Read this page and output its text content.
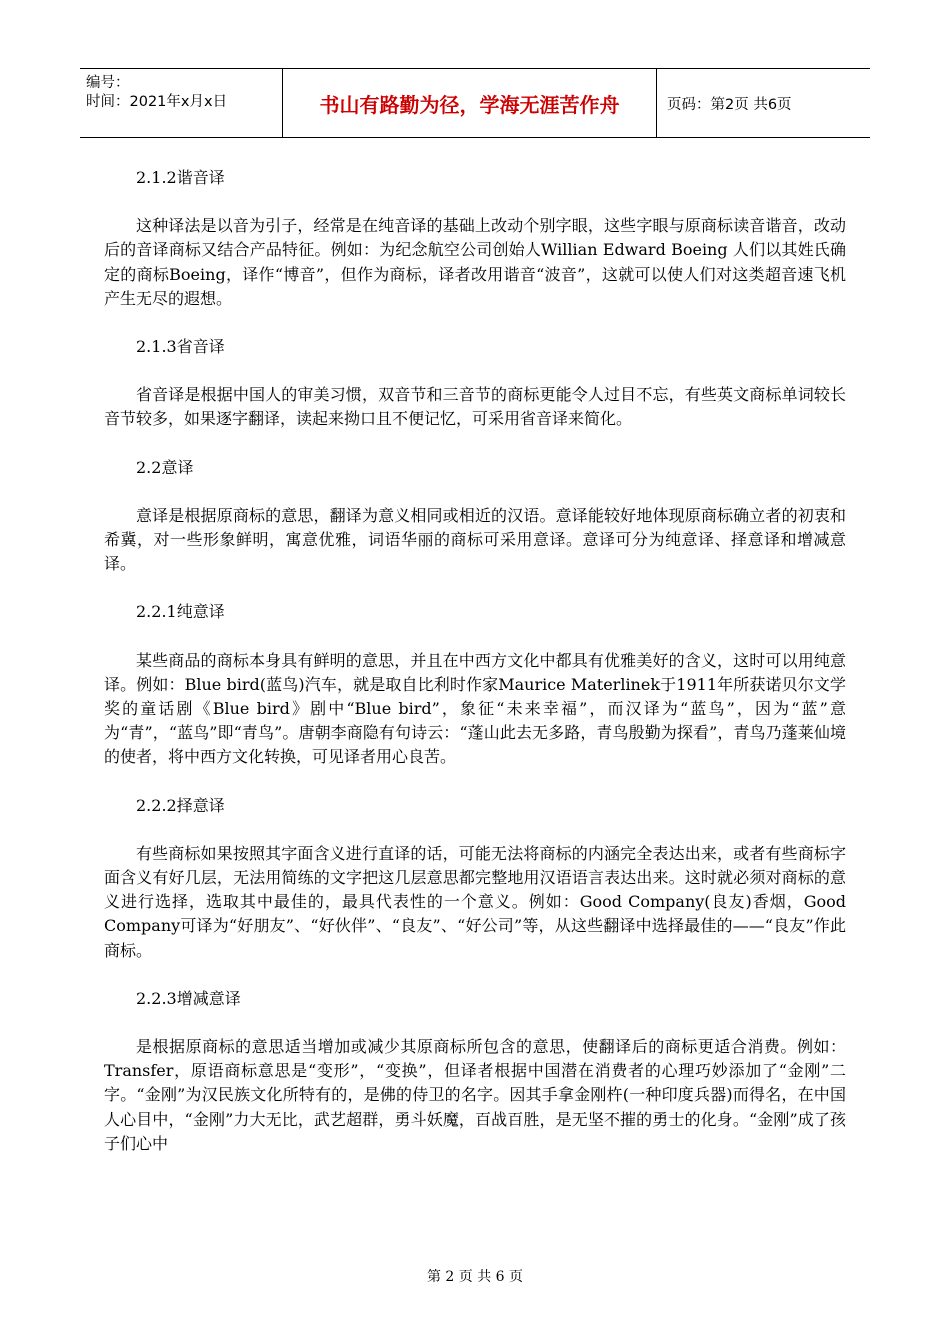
编号：
时间：2021年x月x日	书山有路勤为径，学海无涯苦作舟	页码：第2页 共6页

2.1.2谐音译

这种译法是以音为引子，经常是在纯音译的基础上改动个别字眼，这些字眼与原商标读音谐音，改动后的音译商标又结合产品特征。例如：为纪念航空公司创始人Willian Edward Boeing 人们以其姓氏确定的商标Boeing，译作“博音”，但作为商标，译者改用谐音“波音”，这就可以使人们对这类超音速飞机产生无尽的遐想。

2.1.3省音译

省音译是根据中国人的审美习惯，双音节和三音节的商标更能令人过目不忘，有些英文商标单词较长音节较多，如果逐字翻译，读起来拗口且不便记忆，可采用省音译来简化。

2.2意译

意译是根据原商标的意思，翻译为意义相同或相近的汉语。意译能较好地体现原商标确立者的初衷和希冀，对一些形象鲜明，寓意优雅，词语华丽的商标可采用意译。意译可分为纯意译、择意译和增减意译。

2.2.1纯意译

某些商品的商标本身具有鲜明的意思，并且在中西方文化中都具有优雅美好的含义，这时可以用纯意译。例如：Blue bird(蓝鸟)汽车，就是取自比利时作家Maurice Materlinek于1911年所获诺贝尔文学奖的童话剧《Blue bird》剧中“Blue bird”，象征“未来幸福”，而汉译为“蓝鸟”，因为“蓝”意为“青”，“蓝鸟”即“青鸟”。唐朝李商隐有句诗云：“蓬山此去无多路，青鸟殷勤为探看”，青鸟乃蓬莱仙境的使者，将中西方文化转换，可见译者用心良苦。

2.2.2择意译

有些商标如果按照其字面含义进行直译的话，可能无法将商标的内涵完全表达出来，或者有些商标字面含义有好几层，无法用简练的文字把这几层意思都完整地用汉语语言表达出来。这时就必须对商标的意义进行选择，选取其中最佳的，最具代表性的一个意义。例如：Good Company(良友)香烟，Good Company可译为“好朋友”、“好伙伴”、“良友”、“好公司”等，从这些翻译中选择最佳的——“良友”作此商标。

2.2.3增减意译

是根据原商标的意思适当增加或减少其原商标所包含的意思，使翻译后的商标更适合消费。例如：Transfer，原语商标意思是“变形”，“变换”，但译者根据中国潜在消费者的心理巧妙添加了“金刚”二字。“金刚”为汉民族文化所特有的，是佛的侍卫的名字。因其手拿金刚杵(一种印度兵器)而得名，在中国人心目中，“金刚”力大无比，武艺超群，勇斗妖魔，百战百胜，是无坚不摧的勇士的化身。“金刚”成了孩子们心中

第 2 页 共 6 页
